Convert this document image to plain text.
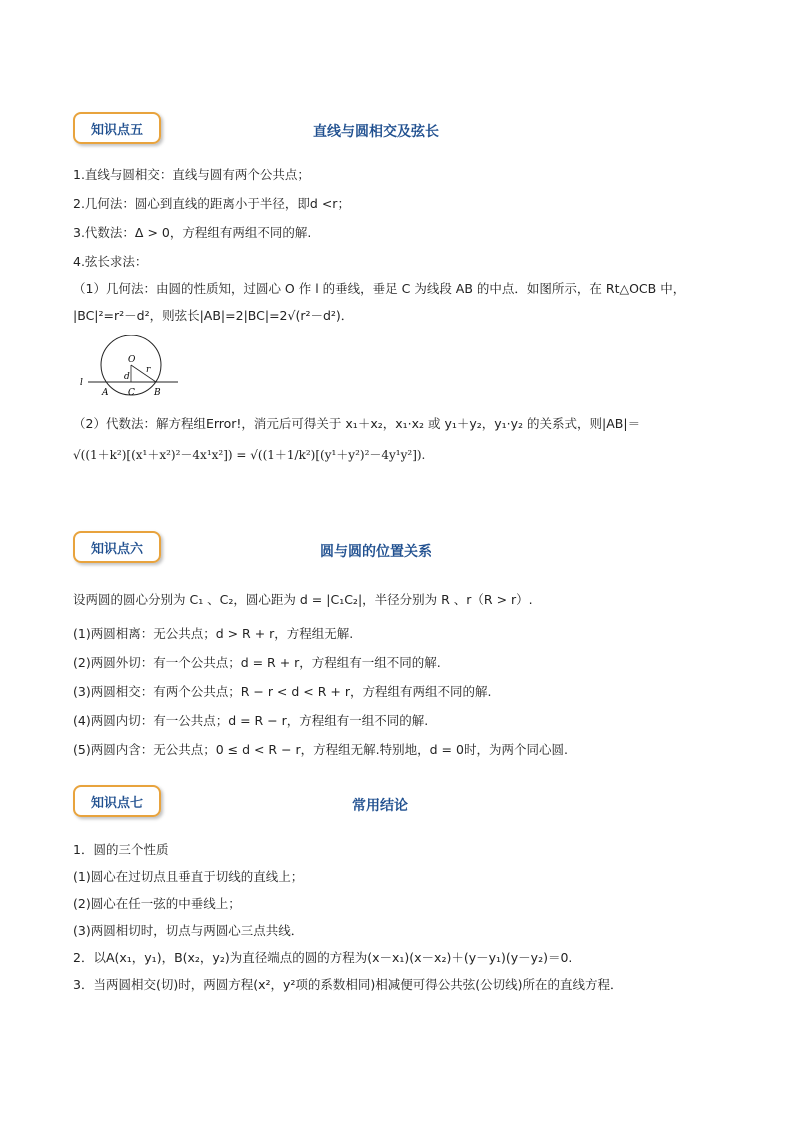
知识点五	直线与圆相交及弦长
1.直线与圆相交：直线与圆有两个公共点；
2.几何法：圆心到直线的距离小于半径，即d <r；
3.代数法：Δ > 0，方程组有两组不同的解.
4.弦长求法：
（1）几何法：由圆的性质知，过圆心 O 作 l 的垂线，垂足 C 为线段 AB 的中点．如图所示，在 Rt△OCB 中，
|BC|²=r²－d²，则弦长|AB|=2|BC|=2√(r²－d²)．
O
r
d
l
A C B
（2）代数法：解方程组Error!，消元后可得关于 x₁＋x₂，x₁·x₂ 或 y₁＋y₂，y₁·y₂ 的关系式，则|AB|＝
√((1＋k²)[(x¹＋x²)²－4x¹x²]) = √((1＋1/k²)[(y¹＋y²)²－4y¹y²]).
知识点六	圆与圆的位置关系
设两圆的圆心分别为 C₁ 、C₂，圆心距为 d = |C₁C₂|，半径分别为 R 、r（R > r）.
(1)两圆相离：无公共点；d > R + r，方程组无解.
(2)两圆外切：有一个公共点；d = R + r，方程组有一组不同的解.
(3)两圆相交：有两个公共点；R − r < d < R + r，方程组有两组不同的解.
(4)两圆内切：有一公共点；d = R − r，方程组有一组不同的解.
(5)两圆内含：无公共点；0 ≤ d < R − r，方程组无解.特别地，d = 0时，为两个同心圆.
知识点七	常用结论
1．圆的三个性质
(1)圆心在过切点且垂直于切线的直线上；
(2)圆心在任一弦的中垂线上；
(3)两圆相切时，切点与两圆心三点共线．
2．以A(x₁，y₁)，B(x₂，y₂)为直径端点的圆的方程为(x－x₁)(x－x₂)＋(y－y₁)(y－y₂)＝0.
3．当两圆相交(切)时，两圆方程(x²，y²项的系数相同)相减便可得公共弦(公切线)所在的直线方程．
